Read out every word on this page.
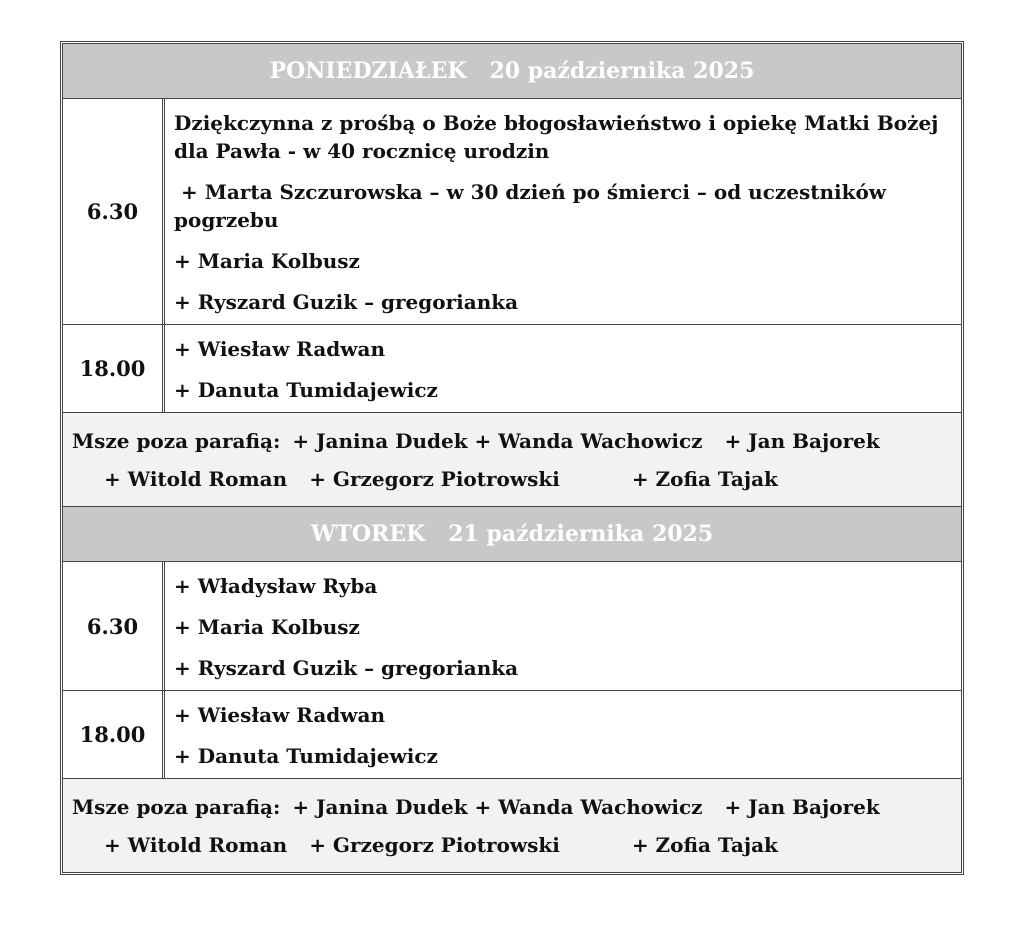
PONIEDZIAŁEK   20 października 2025
6.30
Dziękczynna z prośbą o Boże błogosławieństwo i opiekę Matki Bożej dla Pawła - w 40 rocznicę urodzin
+ Marta Szczurowska – w 30 dzień po śmierci – od uczestników pogrzebu
+ Maria Kolbusz
+ Ryszard Guzik – gregorianka
18.00
+ Wiesław Radwan
+ Danuta Tumidajewicz
Msze poza parafią: + Janina Dudek + Wanda Wachowicz + Jan Bajorek
+ Witold Roman + Grzegorz Piotrowski	+ Zofia Tajak
WTOREK   21 października 2025
6.30
+ Władysław Ryba
+ Maria Kolbusz
+ Ryszard Guzik – gregorianka
18.00
+ Wiesław Radwan
+ Danuta Tumidajewicz
Msze poza parafią: + Janina Dudek + Wanda Wachowicz + Jan Bajorek
+ Witold Roman + Grzegorz Piotrowski	+ Zofia Tajak
